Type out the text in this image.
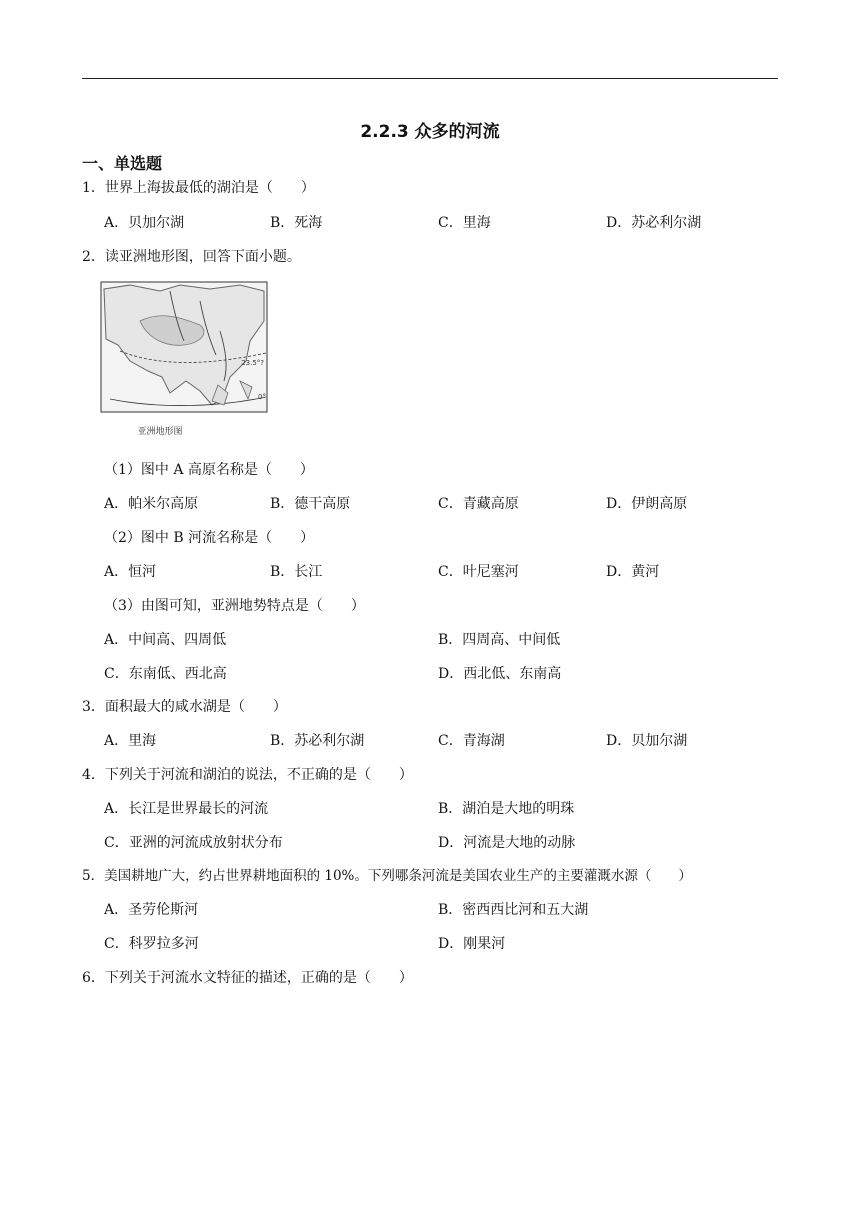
2.2.3 众多的河流
一、单选题
1．世界上海拔最低的湖泊是（　　）
A．贝加尔湖	B．死海	C．里海	D．苏必利尔湖
2．读亚洲地形图，回答下面小题。
23.5°?
0°
亚洲地形图
（1）图中 A 高原名称是（　　）
A．帕米尔高原	B．德干高原	C．青藏高原	D．伊朗高原
（2）图中 B 河流名称是（　　）
A．恒河	B．长江	C．叶尼塞河	D．黄河
（3）由图可知，亚洲地势特点是（　　）
A．中间高、四周低	B．四周高、中间低
C．东南低、西北高	D．西北低、东南高
3．面积最大的咸水湖是（　　）
A．里海	B．苏必利尔湖	C．青海湖	D．贝加尔湖
4．下列关于河流和湖泊的说法，不正确的是（　　）
A．长江是世界最长的河流	B．湖泊是大地的明珠
C．亚洲的河流成放射状分布	D．河流是大地的动脉
5．美国耕地广大，约占世界耕地面积的 10%。下列哪条河流是美国农业生产的主要灌溉水源（　　）
A．圣劳伦斯河	B．密西西比河和五大湖
C．科罗拉多河	D．刚果河
6．下列关于河流水文特征的描述，正确的是（　　）
